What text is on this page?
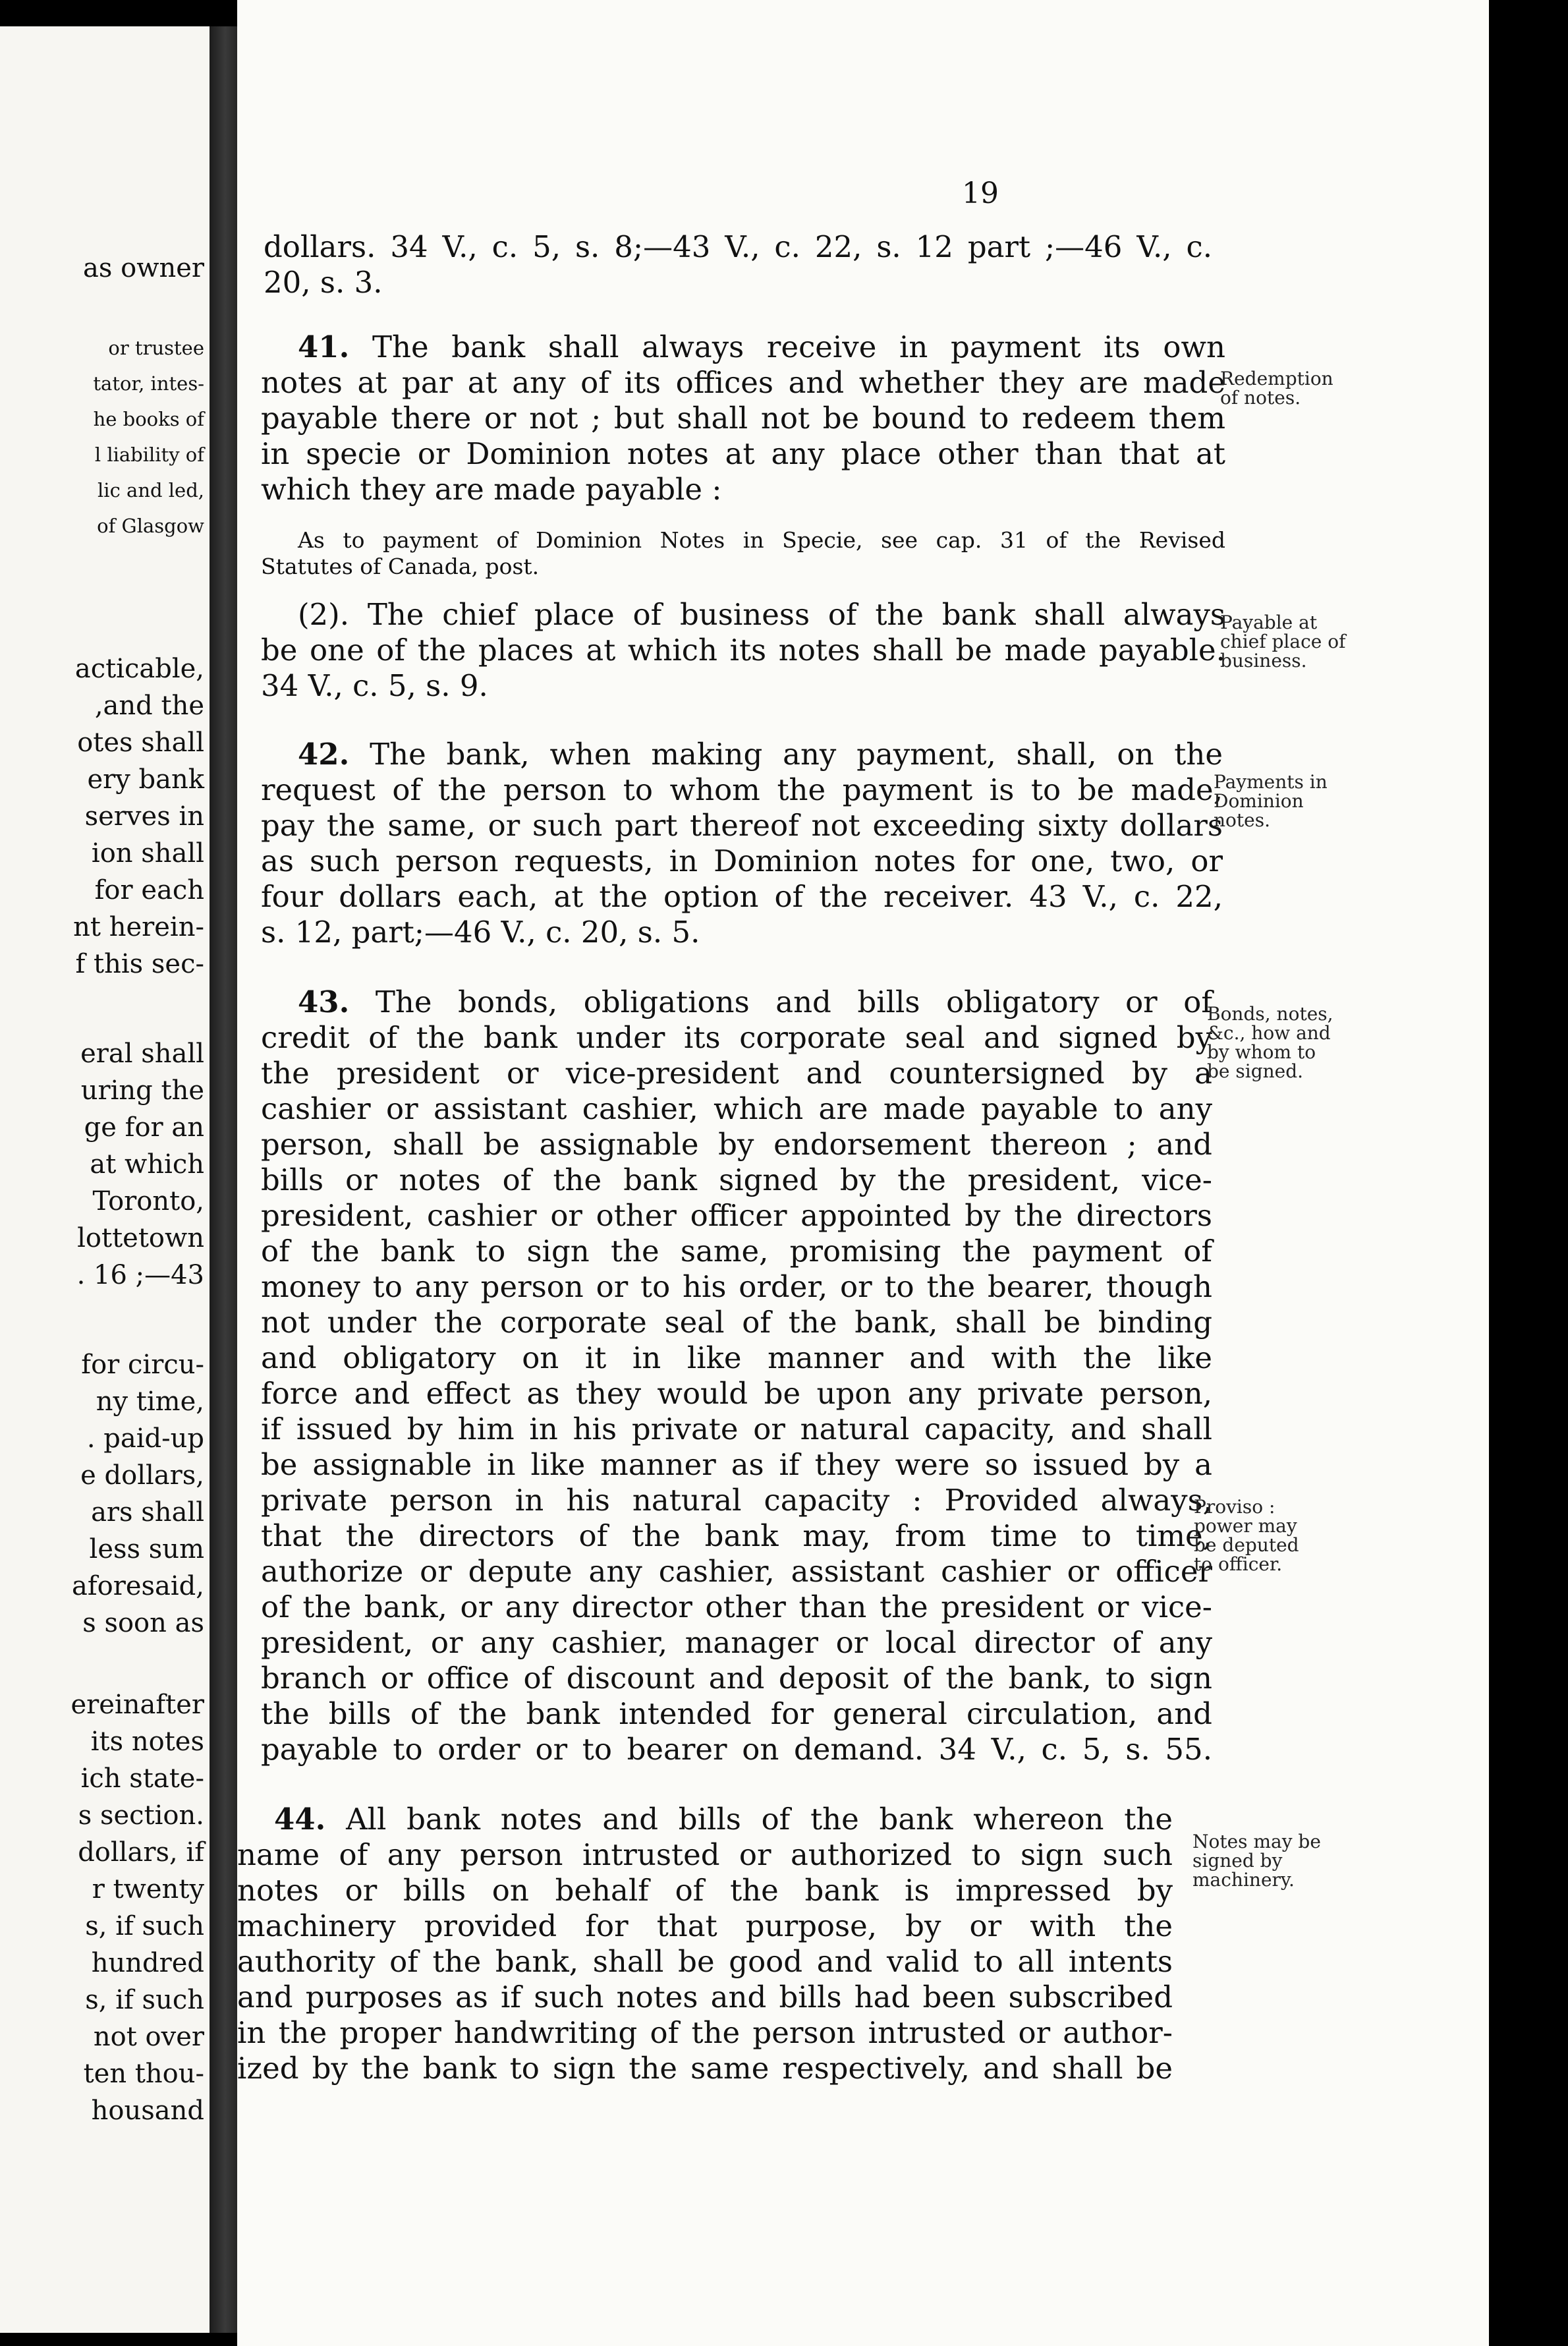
as owner
or trustee
tator, intes-
he books of
l liability of
lic and led,
of Glasgow
acticable,
,and the
otes shall
ery bank
serves in
ion shall
for each
nt herein-
f this sec-
eral shall
uring the
ge for an
at which
Toronto,
lottetown
. 16 ;—43
for circu-
ny time,
. paid-up
e dollars,
ars shall
less sum
aforesaid,
s soon as
ereinafter
its notes
ich state-
s section.
dollars, if
r twenty
s, if such
hundred
s, if such
not over
ten thou-
housand
19
dollars. 34 V., c. 5, s. 8;—43 V., c. 22, s. 12 part ;—46 V., c.
20, s. 3.
41. The bank shall always receive in payment its own
notes at par at any of its offices and whether they are made
payable there or not ; but shall not be bound to redeem them
in specie or Dominion notes at any place other than that at
which they are made payable :
As to payment of Dominion Notes in Specie, see cap. 31 of the Revised
Statutes of Canada, post.
Redemption
of notes.
(2). The chief place of business of the bank shall always
be one of the places at which its notes shall be made payable.
34 V., c. 5, s. 9.
Payable at
chief place of
business.
42. The bank, when making any payment, shall, on the
request of the person to whom the payment is to be made,
pay the same, or such part thereof not exceeding sixty dollars
as such person requests, in Dominion notes for one, two, or
four dollars each, at the option of the receiver. 43 V., c. 22,
s. 12, part;—46 V., c. 20, s. 5.
Payments in
Dominion
notes.
43. The bonds, obligations and bills obligatory or of
credit of the bank under its corporate seal and signed by
the president or vice-president and countersigned by a
cashier or assistant cashier, which are made payable to any
person, shall be assignable by endorsement thereon ; and
bills or notes of the bank signed by the president, vice-
president, cashier or other officer appointed by the directors
of the bank to sign the same, promising the payment of
money to any person or to his order, or to the bearer, though
not under the corporate seal of the bank, shall be binding
and obligatory on it in like manner and with the like
force and effect as they would be upon any private person,
if issued by him in his private or natural capacity, and shall
be assignable in like manner as if they were so issued by a
private person in his natural capacity : Provided always,
that the directors of the bank may, from time to time,
authorize or depute any cashier, assistant cashier or officer
of the bank, or any director other than the president or vice-
president, or any cashier, manager or local director of any
branch or office of discount and deposit of the bank, to sign
the bills of the bank intended for general circulation, and
payable to order or to bearer on demand. 34 V., c. 5, s. 55.
Bonds, notes,
&c., how and
by whom to
be signed.
Proviso :
power may
be deputed
to officer.
44. All bank notes and bills of the bank whereon the
name of any person intrusted or authorized to sign such
notes or bills on behalf of the bank is impressed by
machinery provided for that purpose, by or with the
authority of the bank, shall be good and valid to all intents
and purposes as if such notes and bills had been subscribed
in the proper handwriting of the person intrusted or author-
ized by the bank to sign the same respectively, and shall be
Notes may be
signed by
machinery.
